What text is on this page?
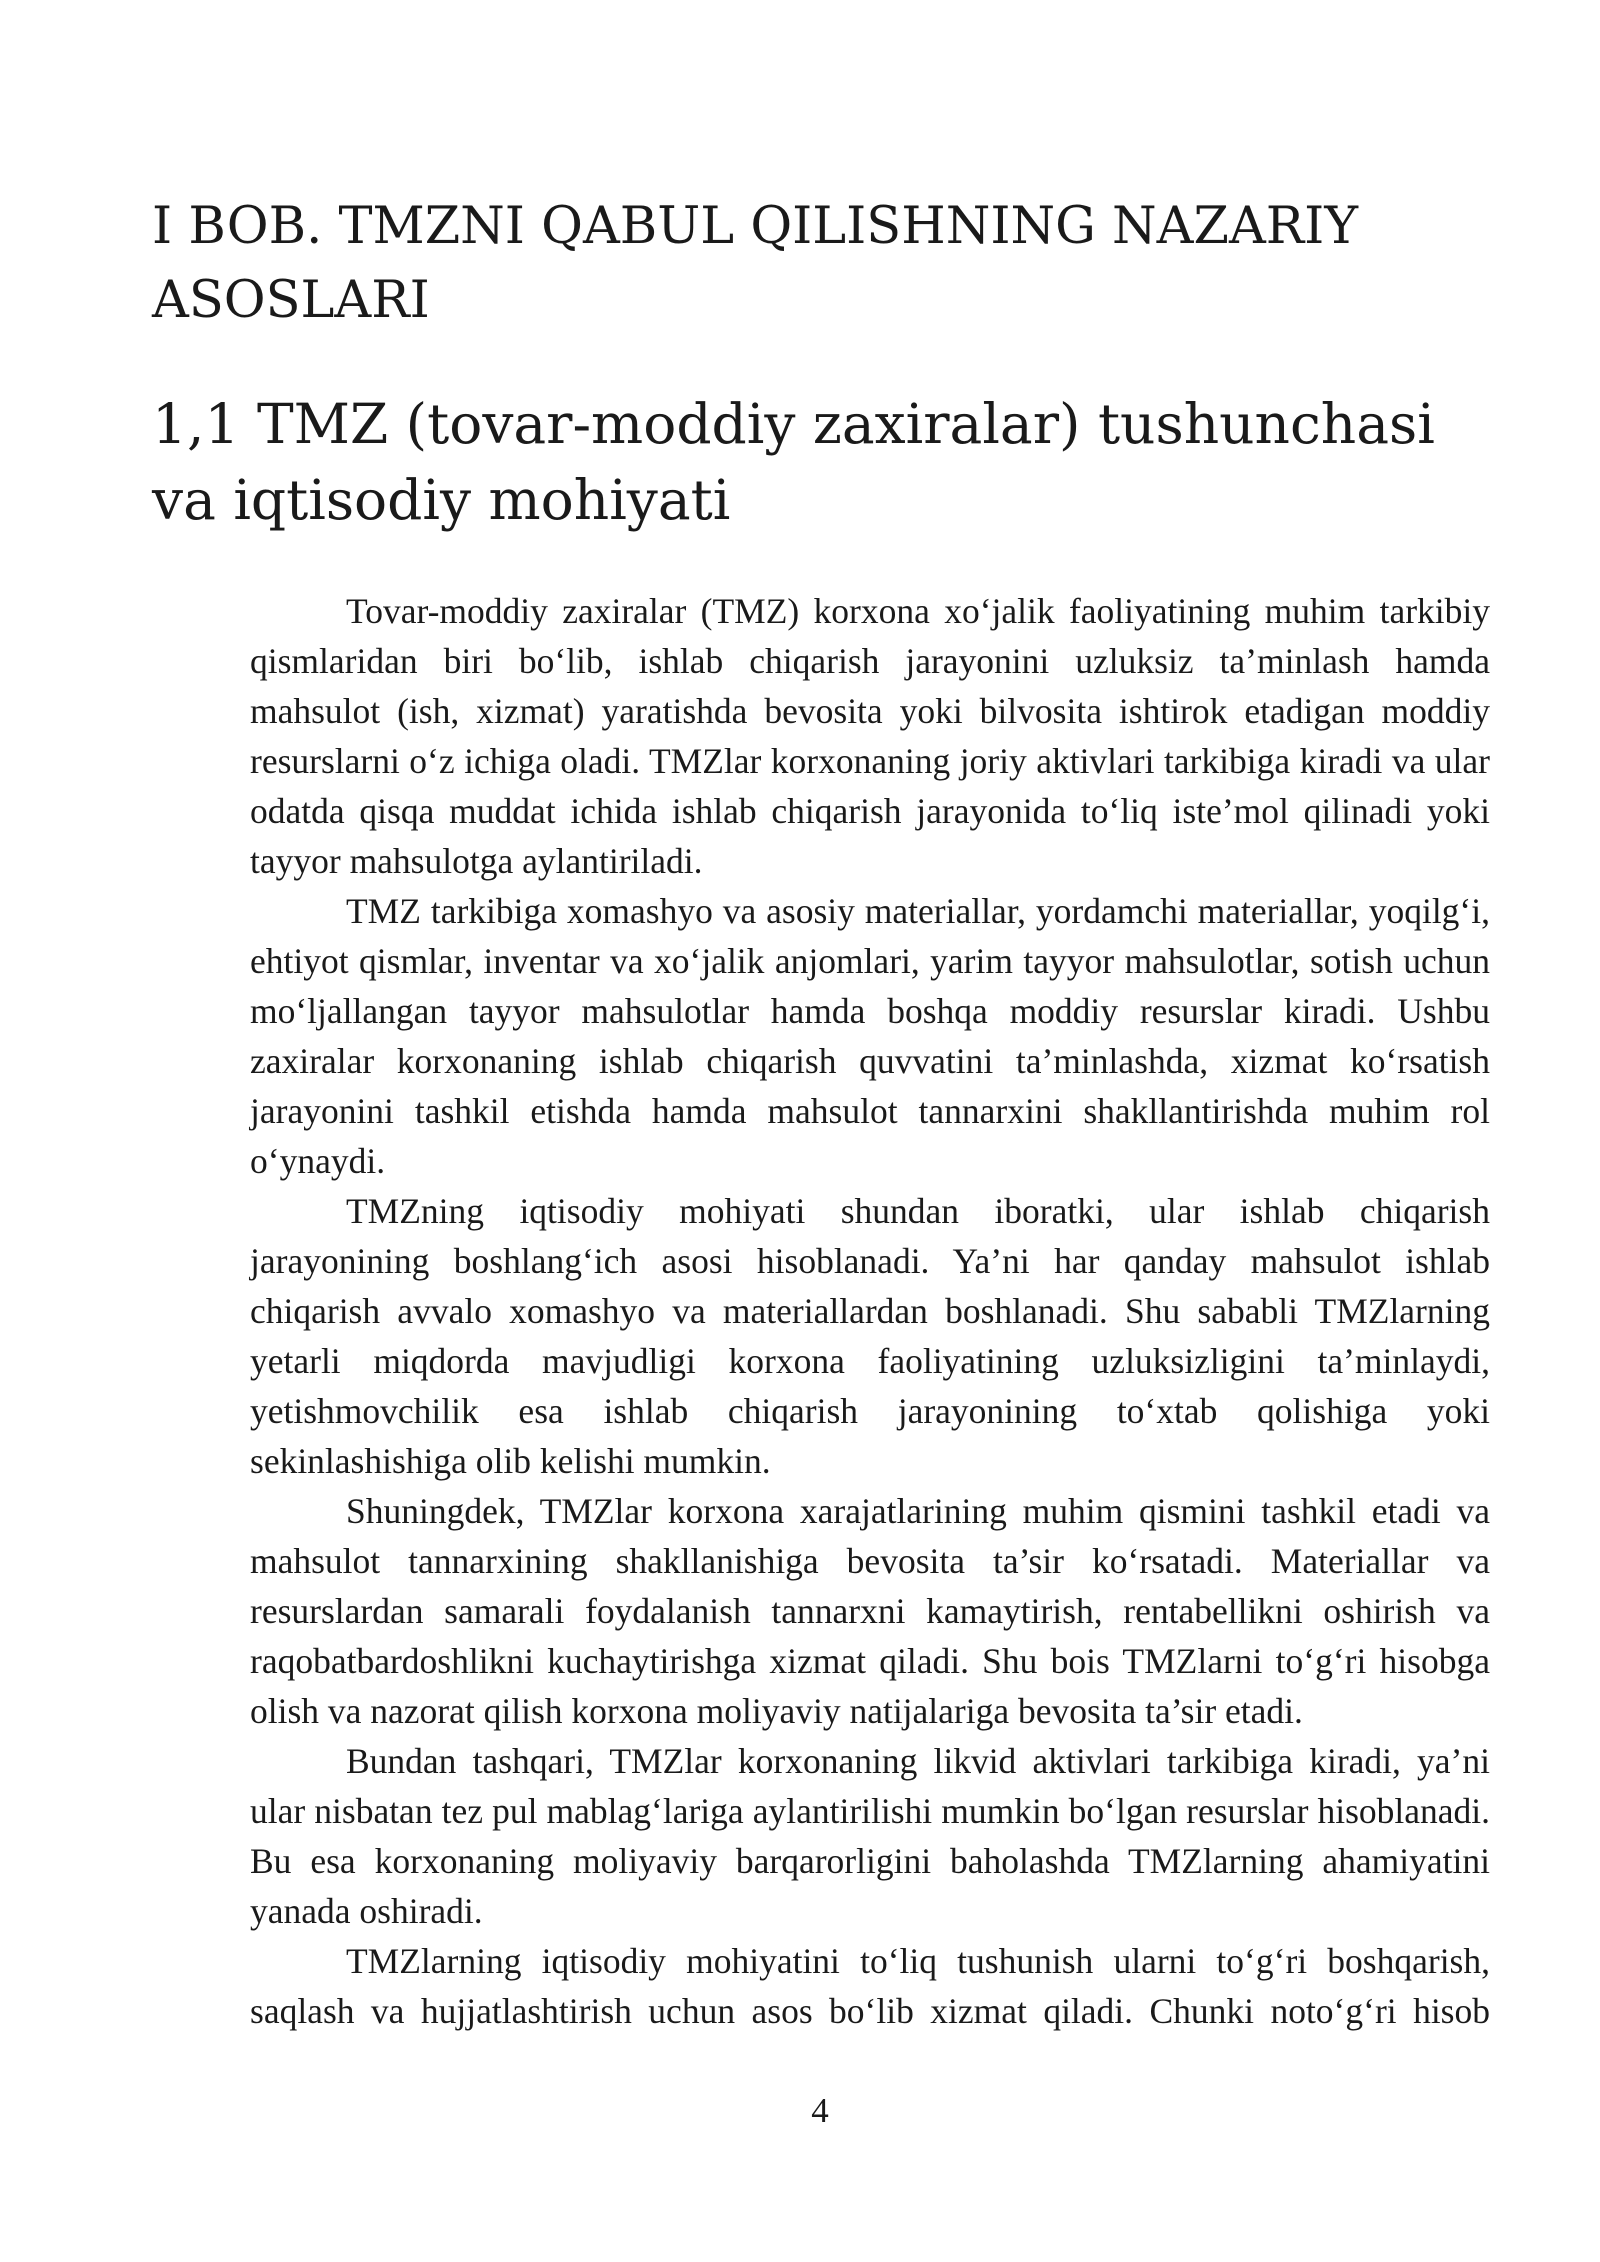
I BOB. TMZNI QABUL QILISHNING NAZARIY ASOSLARI
1,1 TMZ (tovar-moddiy zaxiralar) tushunchasi va iqtisodiy mohiyati

Tovar-moddiy zaxiralar (TMZ) korxona xo‘jalik faoliyatining muhim tarkibiy qismlaridan biri bo‘lib, ishlab chiqarish jarayonini uzluksiz ta’minlash hamda mahsulot (ish, xizmat) yaratishda bevosita yoki bilvosita ishtirok etadigan moddiy resurslarni o‘z ichiga oladi. TMZlar korxonaning joriy aktivlari tarkibiga kiradi va ular odatda qisqa muddat ichida ishlab chiqarish jarayonida to‘liq iste’mol qilinadi yoki tayyor mahsulotga aylantiriladi.

TMZ tarkibiga xomashyo va asosiy materiallar, yordamchi materiallar, yoqilg‘i, ehtiyot qismlar, inventar va xo‘jalik anjomlari, yarim tayyor mahsulotlar, sotish uchun mo‘ljallangan tayyor mahsulotlar hamda boshqa moddiy resurslar kiradi. Ushbu zaxiralar korxonaning ishlab chiqarish quvvatini ta’minlashda, xizmat ko‘rsatish jarayonini tashkil etishda hamda mahsulot tannarxini shakllantirishda muhim rol o‘ynaydi.

TMZning iqtisodiy mohiyati shundan iboratki, ular ishlab chiqarish jarayonining boshlang‘ich asosi hisoblanadi. Ya’ni har qanday mahsulot ishlab chiqarish avvalo xomashyo va materiallardan boshlanadi. Shu sababli TMZlarning yetarli miqdorda mavjudligi korxona faoliyatining uzluksizligini ta’minlaydi, yetishmovchilik esa ishlab chiqarish jarayonining to‘xtab qolishiga yoki sekinlashishiga olib kelishi mumkin.

Shuningdek, TMZlar korxona xarajatlarining muhim qismini tashkil etadi va mahsulot tannarxining shakllanishiga bevosita ta’sir ko‘rsatadi. Materiallar va resurslardan samarali foydalanish tannarxni kamaytirish, rentabellikni oshirish va raqobatbardoshlikni kuchaytirishga xizmat qiladi. Shu bois TMZlarni to‘g‘ri hisobga olish va nazorat qilish korxona moliyaviy natijalariga bevosita ta’sir etadi.

Bundan tashqari, TMZlar korxonaning likvid aktivlari tarkibiga kiradi, ya’ni ular nisbatan tez pul mablag‘lariga aylantirilishi mumkin bo‘lgan resurslar hisoblanadi. Bu esa korxonaning moliyaviy barqarorligini baholashda TMZlarning ahamiyatini yanada oshiradi.

TMZlarning iqtisodiy mohiyatini to‘liq tushunish ularni to‘g‘ri boshqarish, saqlash va hujjatlashtirish uchun asos bo‘lib xizmat qiladi. Chunki noto‘g‘ri hisob

4
